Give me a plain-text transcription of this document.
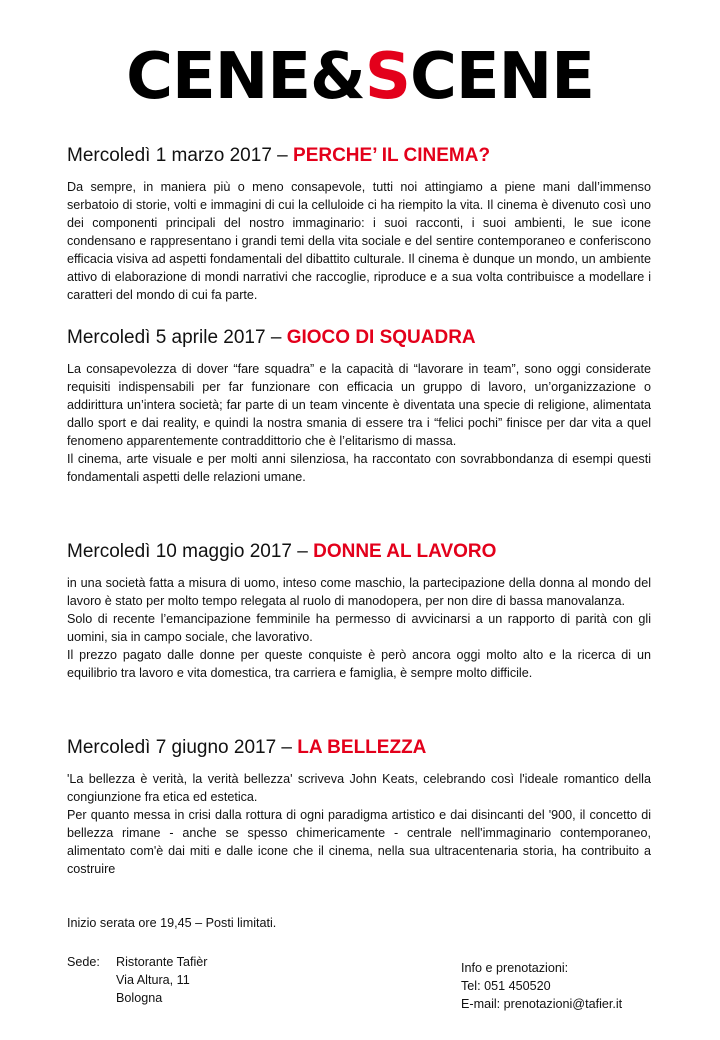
CENE&SCENE
Mercoledì 1 marzo 2017 – PERCHE’ IL CINEMA?

Da sempre, in maniera più o meno consapevole, tutti noi attingiamo a piene mani dall’immenso serbatoio di storie, volti e immagini di cui la celluloide ci ha riempito la vita. Il cinema è divenuto così uno dei componenti principali del nostro immaginario: i suoi racconti, i suoi ambienti, le sue icone condensano e rappresentano i grandi temi della vita sociale e del sentire contemporaneo e conferiscono efficacia visiva ad aspetti fondamentali del dibattito culturale. Il cinema è dunque un mondo, un ambiente attivo di elaborazione di mondi narrativi che raccoglie, riproduce e a sua volta contribuisce a modellare i caratteri del mondo di cui fa parte.

Mercoledì 5 aprile 2017 – GIOCO DI SQUADRA

La consapevolezza di dover “fare squadra” e la capacità di “lavorare in team”, sono oggi considerate requisiti indispensabili per far funzionare con efficacia un gruppo di lavoro, un’organizzazione o addirittura un’intera società; far parte di un team vincente è diventata una specie di religione, alimentata dallo sport e dai reality, e quindi la nostra smania di essere tra i “felici pochi” finisce per dar vita a quel fenomeno apparentemente contraddittorio che è l’elitarismo di massa.

Il cinema, arte visuale e per molti anni silenziosa, ha raccontato con sovrabbondanza di esempi questi fondamentali aspetti delle relazioni umane.

Mercoledì 10 maggio 2017 – DONNE AL LAVORO

in una società fatta a misura di uomo, inteso come maschio, la partecipazione della donna al mondo del lavoro è stato per molto tempo relegata al ruolo di manodopera, per non dire di bassa manovalanza.

Solo di recente l’emancipazione femminile ha permesso di avvicinarsi a un rapporto di parità con gli uomini, sia in campo sociale, che lavorativo.

Il prezzo pagato dalle donne per queste conquiste è però ancora oggi molto alto e la ricerca di un equilibrio tra lavoro e vita domestica, tra carriera e famiglia, è sempre molto difficile.

Mercoledì 7 giugno 2017 – LA BELLEZZA

'La bellezza è verità, la verità bellezza' scriveva John Keats, celebrando così l'ideale romantico della congiunzione fra etica ed estetica.

Per quanto messa in crisi dalla rottura di ogni paradigma artistico e dai disincanti del '900, il concetto di bellezza rimane - anche se spesso chimericamente - centrale nell'immaginario contemporaneo, alimentato com'è dai miti e dalle icone che il cinema, nella sua ultracentenaria storia, ha contribuito a costruire

Inizio serata ore 19,45 – Posti limitati.
Sede: Ristorante Tafièr
Via Altura, 11
Bologna
Info e prenotazioni:
Tel: 051 450520
E-mail: prenotazioni@tafier.it
